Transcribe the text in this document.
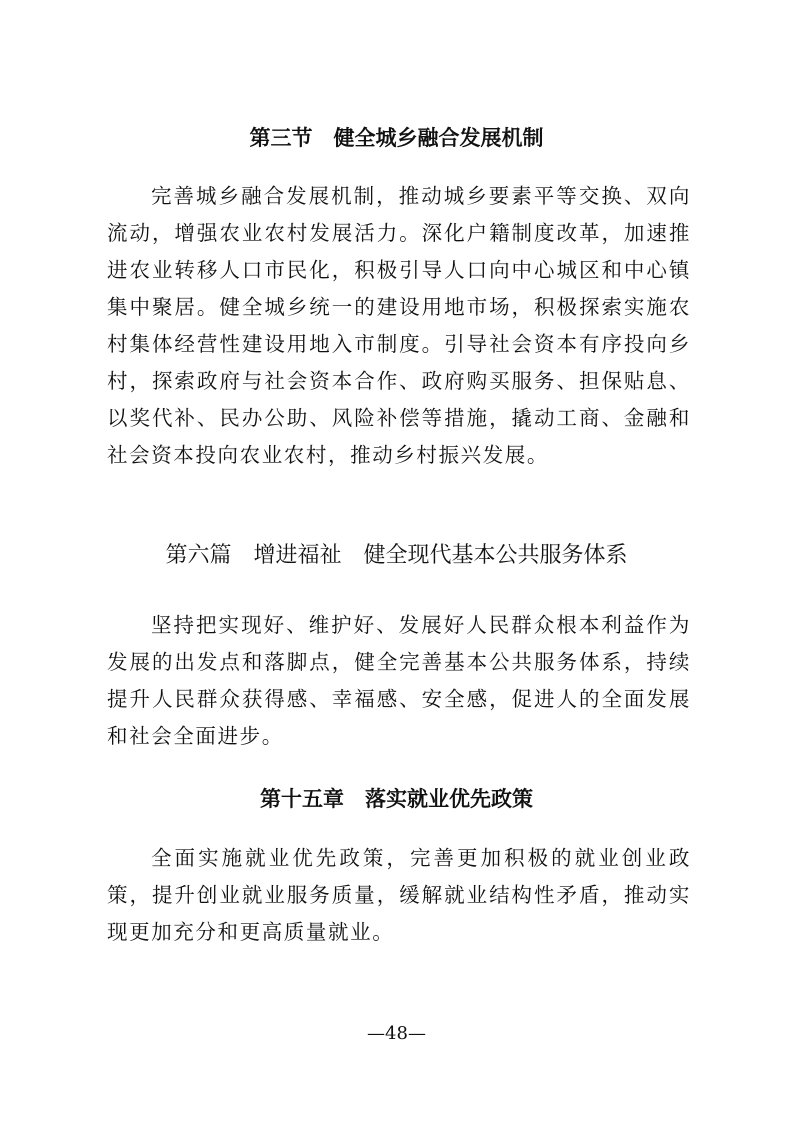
第三节　健全城乡融合发展机制

完善城乡融合发展机制，推动城乡要素平等交换、双向流动，增强农业农村发展活力。深化户籍制度改革，加速推进农业转移人口市民化，积极引导人口向中心城区和中心镇集中聚居。健全城乡统一的建设用地市场，积极探索实施农村集体经营性建设用地入市制度。引导社会资本有序投向乡村，探索政府与社会资本合作、政府购买服务、担保贴息、以奖代补、民办公助、风险补偿等措施，撬动工商、金融和社会资本投向农业农村，推动乡村振兴发展。

第六篇　增进福祉　健全现代基本公共服务体系

坚持把实现好、维护好、发展好人民群众根本利益作为发展的出发点和落脚点，健全完善基本公共服务体系，持续提升人民群众获得感、幸福感、安全感，促进人的全面发展和社会全面进步。

第十五章　落实就业优先政策

全面实施就业优先政策，完善更加积极的就业创业政策，提升创业就业服务质量，缓解就业结构性矛盾，推动实现更加充分和更高质量就业。

—48—
